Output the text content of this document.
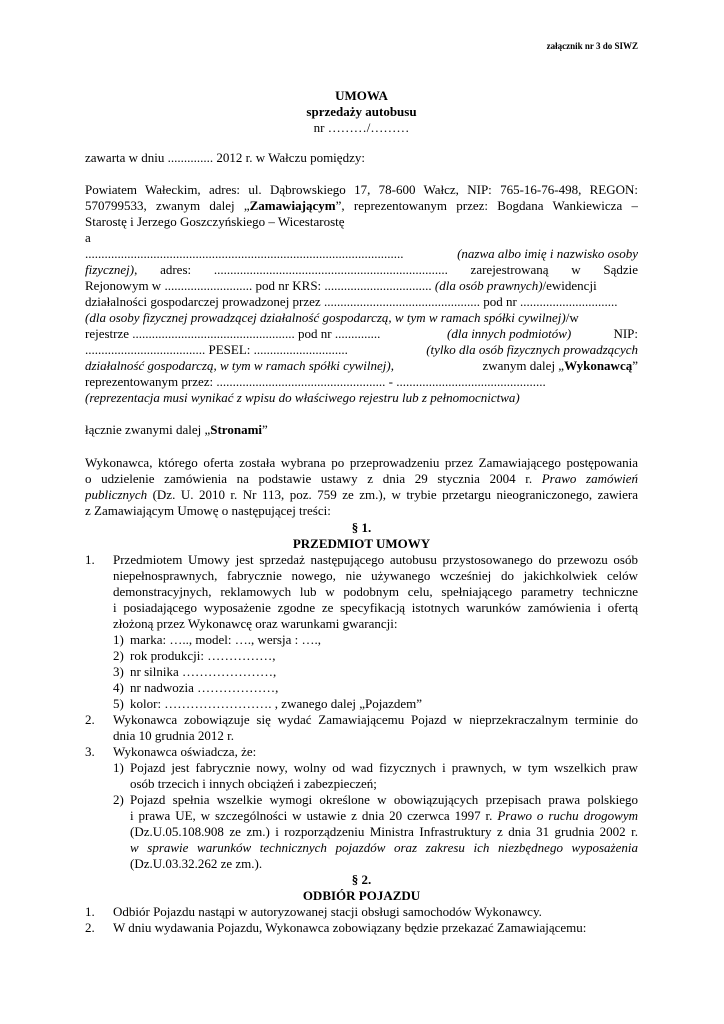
załącznik nr 3 do SIWZ
UMOWA
sprzedaży autobusu
nr ………/………
zawarta w dniu .............. 2012 r. w Wałczu pomiędzy:
Powiatem Wałeckim, adres: ul. Dąbrowskiego 17, 78-600 Wałcz, NIP: 765-16-76-498, REGON:
570799533, zwanym dalej „Zamawiającym”, reprezentowanym przez: Bogdana Wankiewicza –
Starostę i Jerzego Goszczyńskiego – Wicestarostę
a
..................................................................................................	(nazwa albo imię i nazwisko osoby
fizycznej), adres: ........................................................................ zarejestrowaną w Sądzie
Rejonowym w ........................... pod nr KRS: ................................. (dla osób prawnych)/ewidencji
działalności gospodarczej prowadzonej przez ................................................ pod nr ..............................
(dla osoby fizycznej prowadzącej działalność gospodarczą, w tym w ramach spółki cywilnej)/w
rejestrze .................................................. pod nr ..............	(dla innych podmiotów)	NIP:
..................................... PESEL: .............................	(tylko dla osób fizycznych prowadzących
działalność gospodarczą, w tym w ramach spółki cywilnej),	zwanym dalej „Wykonawcą”
reprezentowanym przez: .................................................... - ..............................................
(reprezentacja musi wynikać z wpisu do właściwego rejestru lub z pełnomocnictwa)
łącznie zwanymi dalej „Stronami”
Wykonawca, którego oferta została wybrana po przeprowadzeniu przez Zamawiającego postępowania
o udzielenie zamówienia na podstawie ustawy z dnia 29 stycznia 2004 r. Prawo zamówień
publicznych (Dz. U. 2010 r. Nr 113, poz. 759 ze zm.), w trybie przetargu nieograniczonego, zawiera
z Zamawiającym Umowę o następującej treści:
§ 1.
PRZEDMIOT UMOWY
1.	Przedmiotem Umowy jest sprzedaż następującego autobusu przystosowanego do przewozu osób
niepełnosprawnych, fabrycznie nowego, nie używanego wcześniej do jakichkolwiek celów
demonstracyjnych, reklamowych lub w podobnym celu, spełniającego parametry techniczne
i posiadającego wyposażenie zgodne ze specyfikacją istotnych warunków zamówienia i ofertą
złożoną przez Wykonawcę oraz warunkami gwarancji:
1) marka: ….., model: …., wersja : ….,
2) rok produkcji: ……………,
3) nr silnika …………………,
4) nr nadwozia ………………,
5) kolor: ……………………. , zwanego dalej „Pojazdem”
2.	Wykonawca zobowiązuje się wydać Zamawiającemu Pojazd w nieprzekraczalnym terminie do
dnia 10 grudnia 2012 r.
3.	Wykonawca oświadcza, że:
1) Pojazd jest fabrycznie nowy, wolny od wad fizycznych i prawnych, w tym wszelkich praw
osób trzecich i innych obciążeń i zabezpieczeń;
2) Pojazd spełnia wszelkie wymogi określone w obowiązujących przepisach prawa polskiego
i prawa UE, w szczególności w ustawie z dnia 20 czerwca 1997 r. Prawo o ruchu drogowym
(Dz.U.05.108.908 ze zm.) i rozporządzeniu Ministra Infrastruktury z dnia 31 grudnia 2002 r.
w sprawie warunków technicznych pojazdów oraz zakresu ich niezbędnego wyposażenia
(Dz.U.03.32.262 ze zm.).
§ 2.
ODBIÓR POJAZDU
1.	Odbiór Pojazdu nastąpi w autoryzowanej stacji obsługi samochodów Wykonawcy.
2.	W dniu wydawania Pojazdu, Wykonawca zobowiązany będzie przekazać Zamawiającemu:
